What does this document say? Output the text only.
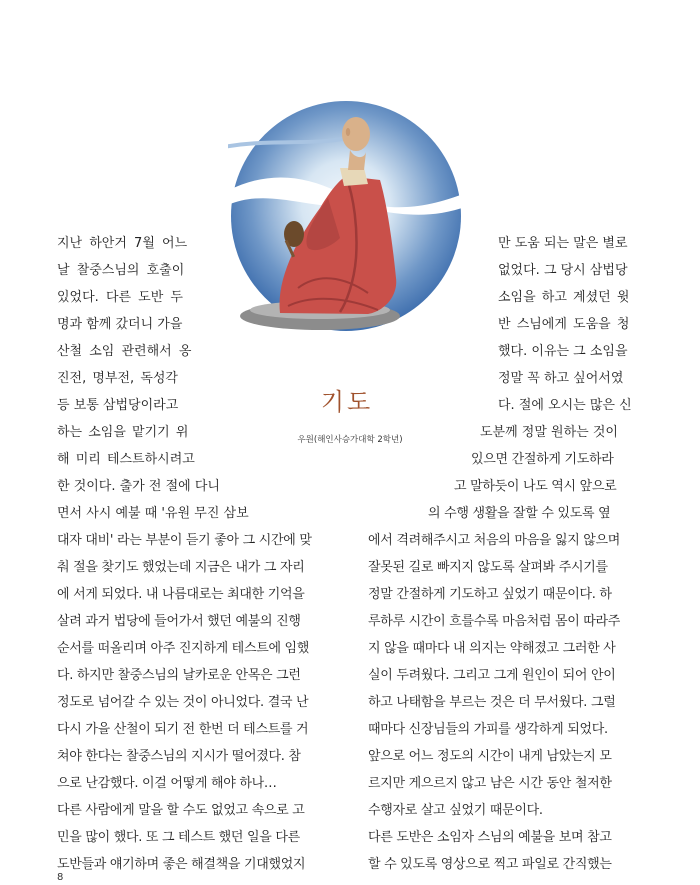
기도
우원(해인사승가대학 2학년)
지난 하안거 7월 어느
날 찰중스님의 호출이
있었다. 다른 도반 두
명과 함께 갔더니 가을
산철 소임 관련해서 옹
진전, 명부전, 독성각
등 보통 삼법당이라고
하는 소임을 맡기기 위
해 미리 테스트하시려고
한 것이다. 출가 전 절에 다니
면서 사시 예불 때 '유원 무진 삼보
대자 대비' 라는 부분이 듣기 좋아 그 시간에 맞
춰 절을 찾기도 했었는데 지금은 내가 그 자리
에 서게 되었다. 내 나름대로는 최대한 기억을
살려 과거 법당에 들어가서 했던 예불의 진행
순서를 떠올리며 아주 진지하게 테스트에 임했
다. 하지만 찰중스님의 날카로운 안목은 그런
정도로 넘어갈 수 있는 것이 아니었다. 결국 난
다시 가을 산철이 되기 전 한번 더 테스트를 거
쳐야 한다는 찰중스님의 지시가 떨어졌다. 참
으로 난감했다. 이걸 어떻게 해야 하나…
다른 사람에게 말을 할 수도 없었고 속으로 고
민을 많이 했다. 또 그 테스트 했던 일을 다른
도반들과 얘기하며 좋은 해결책을 기대했었지
만 도움 되는 말은 별로
없었다. 그 당시 삼법당
소임을 하고 계셨던 윗
반 스님에게 도움을 청
했다. 이유는 그 소임을
정말 꼭 하고 싶어서였
다. 절에 오시는 많은 신
도분께 정말 원하는 것이
있으면 간절하게 기도하라
고 말하듯이 나도 역시 앞으로
의 수행 생활을 잘할 수 있도록 옆
에서 격려해주시고 처음의 마음을 잃지 않으며
잘못된 길로 빠지지 않도록 살펴봐 주시기를
정말 간절하게 기도하고 싶었기 때문이다. 하
루하루 시간이 흐를수록 마음처럼 몸이 따라주
지 않을 때마다 내 의지는 약해졌고 그러한 사
실이 두려웠다. 그리고 그게 원인이 되어 안이
하고 나태함을 부르는 것은 더 무서웠다. 그럴
때마다 신장님들의 가피를 생각하게 되었다.
앞으로 어느 정도의 시간이 내게 남았는지 모
르지만 게으르지 않고 남은 시간 동안 철저한
수행자로 살고 싶었기 때문이다.
다른 도반은 소임자 스님의 예불을 보며 참고
할 수 있도록 영상으로 찍고 파일로 간직했는
8
